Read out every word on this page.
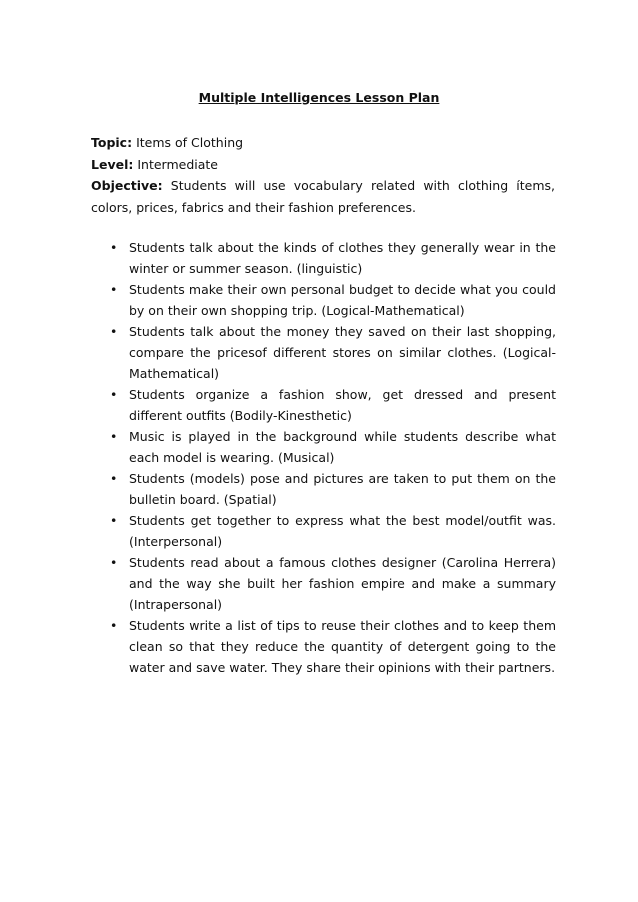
Multiple Intelligences Lesson Plan
Topic: Items of Clothing
Level: Intermediate
Objective: Students will use vocabulary related with clothing ítems, colors, prices, fabrics and their fashion preferences.
• Students talk about the kinds of clothes they generally wear in the winter or summer season. (linguistic)
• Students make their own personal budget to decide what you could by on their own shopping trip. (Logical-Mathematical)
• Students talk about the money they saved on their last shopping, compare the pricesof different stores on similar clothes. (Logical-Mathematical)
• Students organize a fashion show, get dressed and present different outfits (Bodily-Kinesthetic)
• Music is played in the background while students describe what each model is wearing. (Musical)
• Students (models) pose and pictures are taken to put them on the bulletin board. (Spatial)
• Students get together to express what the best model/outfit was. (Interpersonal)
• Students read about a famous clothes designer (Carolina Herrera) and the way she built her fashion empire and make a summary (Intrapersonal)
• Students write a list of tips to reuse their clothes and to keep them clean so that they reduce the quantity of detergent going to the water and save water. They share their opinions with their partners.
